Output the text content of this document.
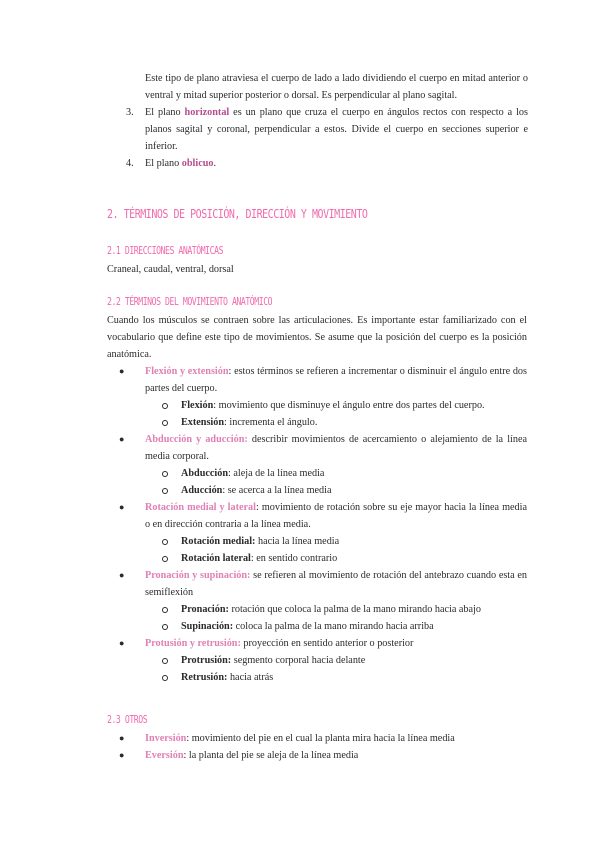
Este tipo de plano atraviesa el cuerpo de lado a lado dividiendo el cuerpo en mitad anterior o ventral y mitad superior posterior o dorsal. Es perpendicular al plano sagital.
3. El plano horizontal es un plano que cruza el cuerpo en ángulos rectos con respecto a los planos sagital y coronal, perpendicular a estos. Divide el cuerpo en secciones superior e inferior.
4. El plano oblicuo.
2. TÉRMINOS DE POSICIÓN, DIRECCIÓN Y MOVIMIENTO
2.1 DIRECCIONES ANATÓMICAS
Craneal, caudal, ventral, dorsal
2.2 TÉRMINOS DEL MOVIMIENTO ANATÓMICO
Cuando los músculos se contraen sobre las articulaciones. Es importante estar familiarizado con el vocabulario que define este tipo de movimientos. Se asume que la posición del cuerpo es la posición anatómica.
● Flexión y extensión: estos términos se refieren a incrementar o disminuir el ángulo entre dos partes del cuerpo.
Flexión: movimiento que disminuye el ángulo entre dos partes del cuerpo.
Extensión: incrementa el ángulo.
● Abducción y aducción: describir movimientos de acercamiento o alejamiento de la línea media corporal.
Abducción: aleja de la línea media
Aducción: se acerca a la línea media
● Rotación medial y lateral: movimiento de rotación sobre su eje mayor hacia la línea media o en dirección contraria a la línea media.
Rotación medial: hacia la línea media
Rotación lateral: en sentido contrario
● Pronación y supinación: se refieren al movimiento de rotación del antebrazo cuando esta en semiflexión
Pronación: rotación que coloca la palma de la mano mirando hacia abajo
Supinación: coloca la palma de la mano mirando hacia arriba
● Protusión y retrusión: proyección en sentido anterior o posterior
Protrusión: segmento corporal hacia delante
Retrusión: hacia atrás
2.3 OTROS
● Inversión: movimiento del pie en el cual la planta mira hacia la línea media
● Eversión: la planta del pie se aleja de la línea media
